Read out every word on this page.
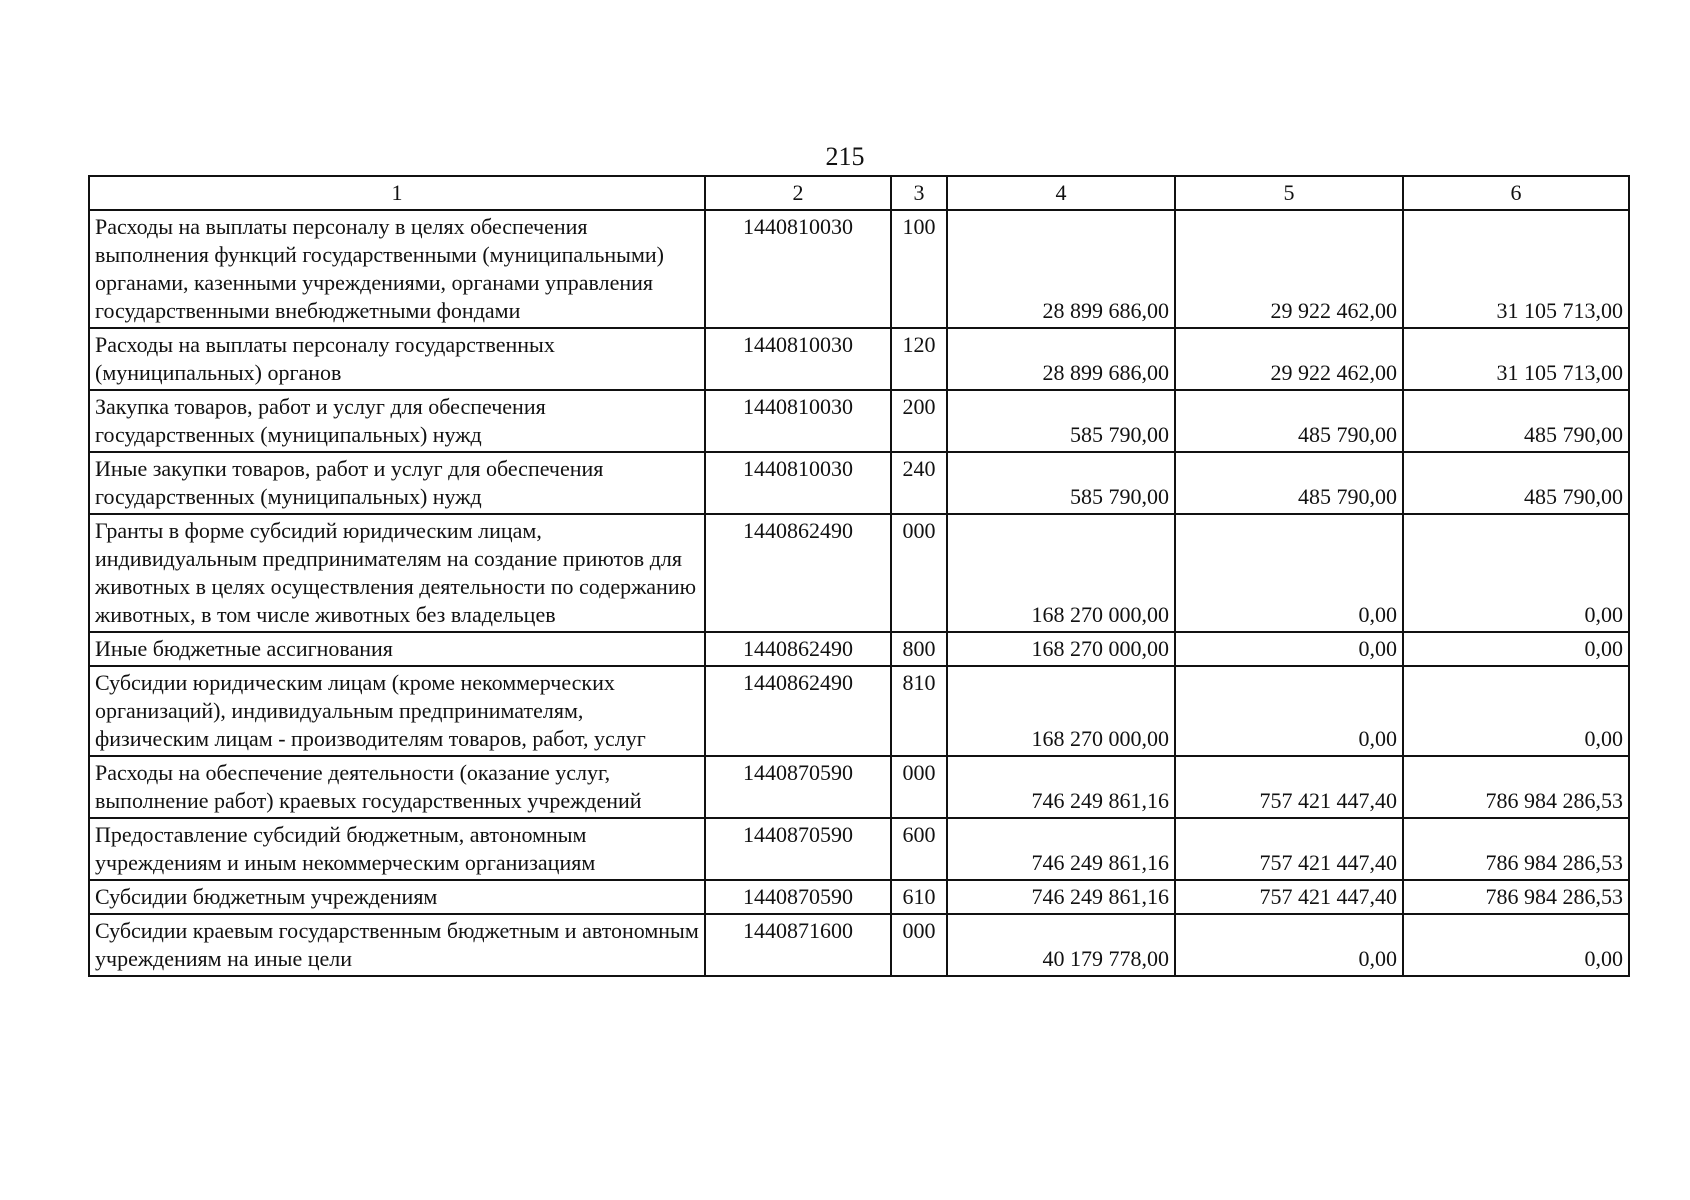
215
1	2	3	4	5	6
Расходы на выплаты персоналу в целях обеспечения выполнения функций государственными (муниципальными) органами, казенными учреждениями, органами управления государственными внебюджетными фондами	1440810030	100	28 899 686,00	29 922 462,00	31 105 713,00
Расходы на выплаты персоналу государственных (муниципальных) органов	1440810030	120	28 899 686,00	29 922 462,00	31 105 713,00
Закупка товаров, работ и услуг для обеспечения государственных (муниципальных) нужд	1440810030	200	585 790,00	485 790,00	485 790,00
Иные закупки товаров, работ и услуг для обеспечения государственных (муниципальных) нужд	1440810030	240	585 790,00	485 790,00	485 790,00
Гранты в форме субсидий юридическим лицам, индивидуальным предпринимателям на создание приютов для животных в целях осуществления деятельности по содержанию животных, в том числе животных без владельцев	1440862490	000	168 270 000,00	0,00	0,00
Иные бюджетные ассигнования	1440862490	800	168 270 000,00	0,00	0,00
Субсидии юридическим лицам (кроме некоммерческих организаций), индивидуальным предпринимателям, физическим лицам - производителям товаров, работ, услуг	1440862490	810	168 270 000,00	0,00	0,00
Расходы на обеспечение деятельности (оказание услуг, выполнение работ) краевых государственных учреждений	1440870590	000	746 249 861,16	757 421 447,40	786 984 286,53
Предоставление субсидий бюджетным, автономным учреждениям и иным некоммерческим организациям	1440870590	600	746 249 861,16	757 421 447,40	786 984 286,53
Субсидии бюджетным учреждениям	1440870590	610	746 249 861,16	757 421 447,40	786 984 286,53
Субсидии краевым государственным бюджетным и автономным учреждениям на иные цели	1440871600	000	40 179 778,00	0,00	0,00
